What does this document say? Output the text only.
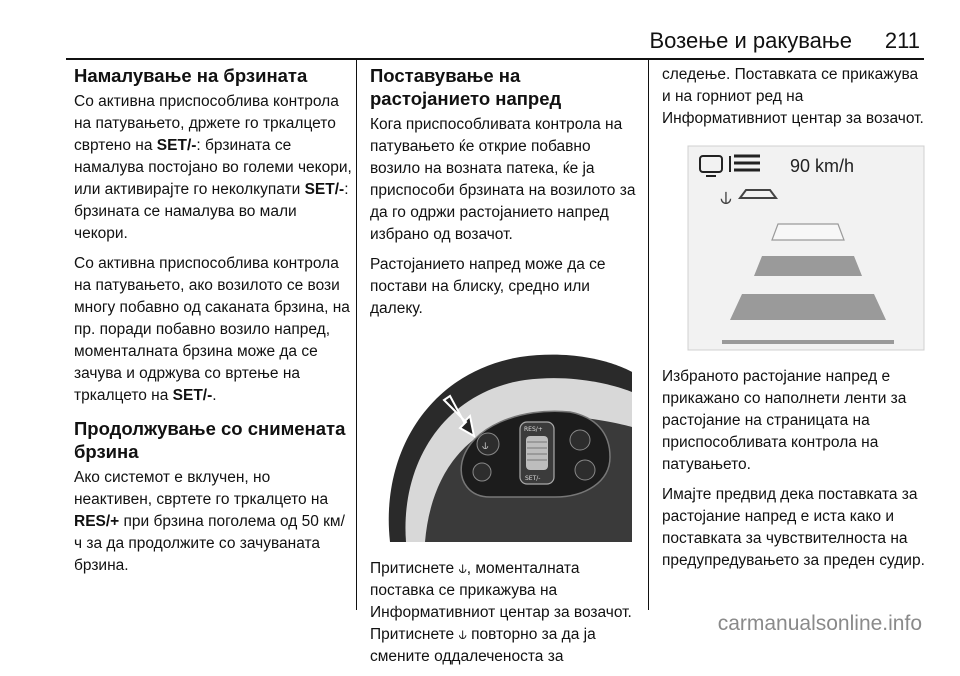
Возење и ракување 211
Намалување на брзината

Со активна приспособлива контрола на патувањето, држете го тркалцето свртено на SET/-: брзината се намалува постојано во големи чекори, или активирајте го неколкупати SET/-: брзината се намалува во мали чекори.

Со активна приспособлива контрола на патувањето, ако возилото се вози многу побавно од саканата брзина, на пр. поради побавно возило напред, моменталната брзина може да се зачува и одржува со вртење на тркалцето на SET/-.

Продолжување со снимената брзина

Ако системот е вклучен, но неактивен, свртете го тркалцето на RES/+ при брзина поголема од 50 км/ч за да продолжите со зачуваната брзина.

Поставување на растојанието напред

Кога приспособливата контрола на патувањето ќе открие побавно возило на возната патека, ќе ја приспособи брзината на возилото за да го одржи растојанието напред избрано од возачот.

Растојанието напред може да се постави на блиску, средно или далеку.

⫝
RES/+
SET/-

Притиснете ⫝, моменталната поставка се прикажува на Информативниот центар за возачот. Притиснете ⫝ повторно за да ја смените оддалеченоста за

следење. Поставката се прикажува и на горниот ред на Информативниот центар за возачот.

90 km/h
⫝

Избраното растојание напред е прикажано со наполнети ленти за растојание на страницата на приспособливата контрола на патувањето.

Имајте предвид дека поставката за растојание напред е иста како и поставката за чувствителноста на предупредувањето за преден судир.

carmanualsonline.info
